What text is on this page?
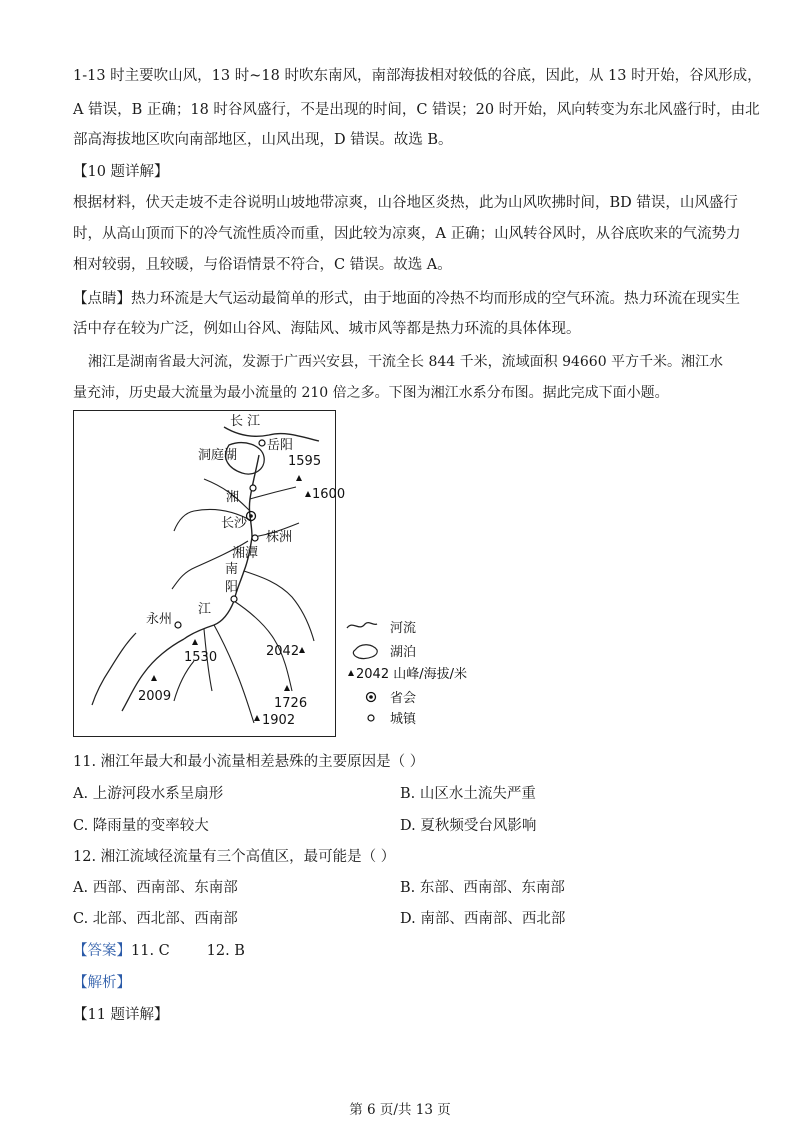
1-13 时主要吹山风，13 时~18 时吹东南风，南部海拔相对较低的谷底，因此，从 13 时开始，谷风形成，
A 错误，B 正确；18 时谷风盛行，不是出现的时间，C 错误；20 时开始，风向转变为东北风盛行时，由北
部高海拔地区吹向南部地区，山风出现，D 错误。故选 B。
【10 题详解】
根据材料，伏天走坡不走谷说明山坡地带凉爽，山谷地区炎热，此为山风吹拂时间，BD 错误，山风盛行
时，从高山顶而下的冷气流性质冷而重，因此较为凉爽，A 正确；山风转谷风时，从谷底吹来的气流势力
相对较弱，且较暖，与俗语情景不符合，C 错误。故选 A。
【点睛】热力环流是大气运动最简单的形式，由于地面的冷热不均而形成的空气环流。热力环流在现实生
活中存在较为广泛，例如山谷风、海陆风、城市风等都是热力环流的具体体现。
湘江是湖南省最大河流，发源于广西兴安县，干流全长 844 千米，流域面积 94660 平方千米。湘江水
量充沛，历史最大流量为最小流量的 210 倍之多。下图为湘江水系分布图。据此完成下面小题。
长 江
岳阳
洞庭湖
湘
长沙
株洲
湘潭
南
阳
江
永州
1595
1600
1530	2042
2009	1726
1902
河流
湖泊
2042 山峰/海拔/米
省会
城镇
11. 湘江年最大和最小流量相差悬殊的主要原因是（ ）
A. 上游河段水系呈扇形	B. 山区水土流失严重
C. 降雨量的变率较大	D. 夏秋频受台风影响
12. 湘江流域径流量有三个高值区，最可能是（ ）
A. 西部、西南部、东南部	B. 东部、西南部、东南部
C. 北部、西北部、西南部	D. 南部、西南部、西北部
【答案】11. C        12. B
【解析】
【11 题详解】
第 6 页/共 13 页
